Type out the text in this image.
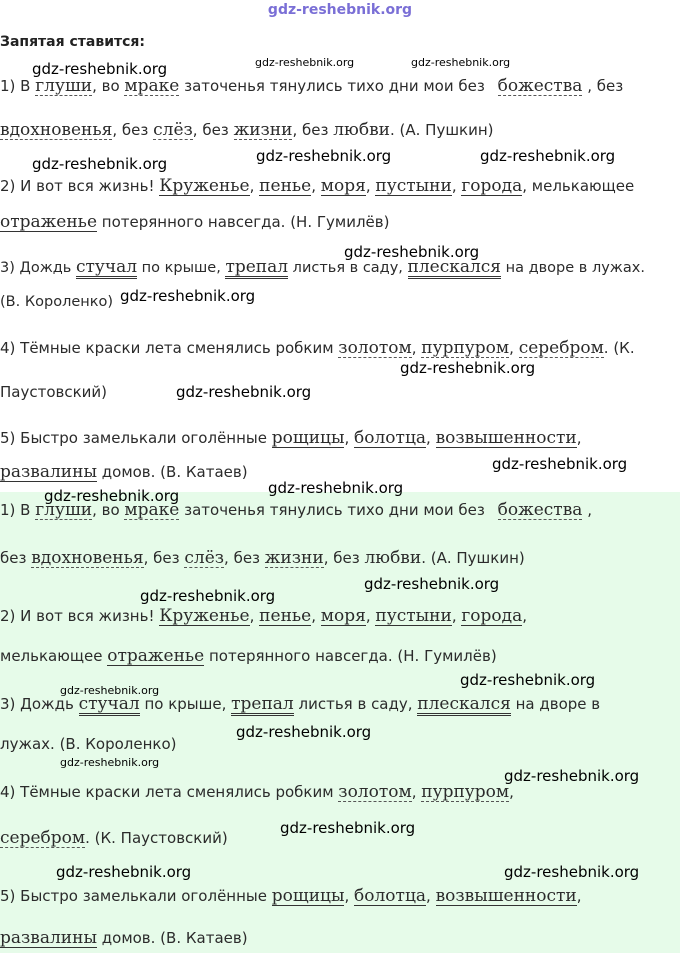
gdz-reshebnik.org
Запятая ставится:
1) В глуши, во мраке заточенья тянулись тихо дни мои без божества , без
вдохновенья, без слёз, без жизни, без любви. (А. Пушкин)
2) И вот вся жизнь! Круженье, пенье, моря, пустыни, города, мелькающее
отраженье потерянного навсегда. (Н. Гумилёв)
3) Дождь стучал по крыше, трепал листья в саду, плескался на дворе в лужах.
(В. Короленко)
4) Тёмные краски лета сменялись робким золотом, пурпуром, серебром. (К.
Паустовский)
5) Быстро замелькали оголённые рощицы, болотца, возвышенности,
развалины домов. (В. Катаев)
1) В глуши, во мраке заточенья тянулись тихо дни мои без божества ,
без вдохновенья, без слёз, без жизни, без любви. (А. Пушкин)
2) И вот вся жизнь! Круженье, пенье, моря, пустыни, города,
мелькающее отраженье потерянного навсегда. (Н. Гумилёв)
3) Дождь стучал по крыше, трепал листья в саду, плескался на дворе в
лужах. (В. Короленко)
4) Тёмные краски лета сменялись робким золотом, пурпуром,
серебром. (К. Паустовский)
5) Быстро замелькали оголённые рощицы, болотца, возвышенности,
развалины домов. (В. Катаев)
gdz-reshebnik.org	gdz-reshebnik.org
gdz-reshebnik.org
gdz-reshebnik.org	gdz-reshebnik.org	gdz-reshebnik.org
gdz-reshebnik.org
gdz-reshebnik.org
gdz-reshebnik.org
gdz-reshebnik.org
gdz-reshebnik.org
gdz-reshebnik.org
gdz-reshebnik.org
gdz-reshebnik.org
gdz-reshebnik.org
gdz-reshebnik.org
gdz-reshebnik.org
gdz-reshebnik.org
gdz-reshebnik.org
gdz-reshebnik.org
gdz-reshebnik.org
gdz-reshebnik.org	gdz-reshebnik.org
